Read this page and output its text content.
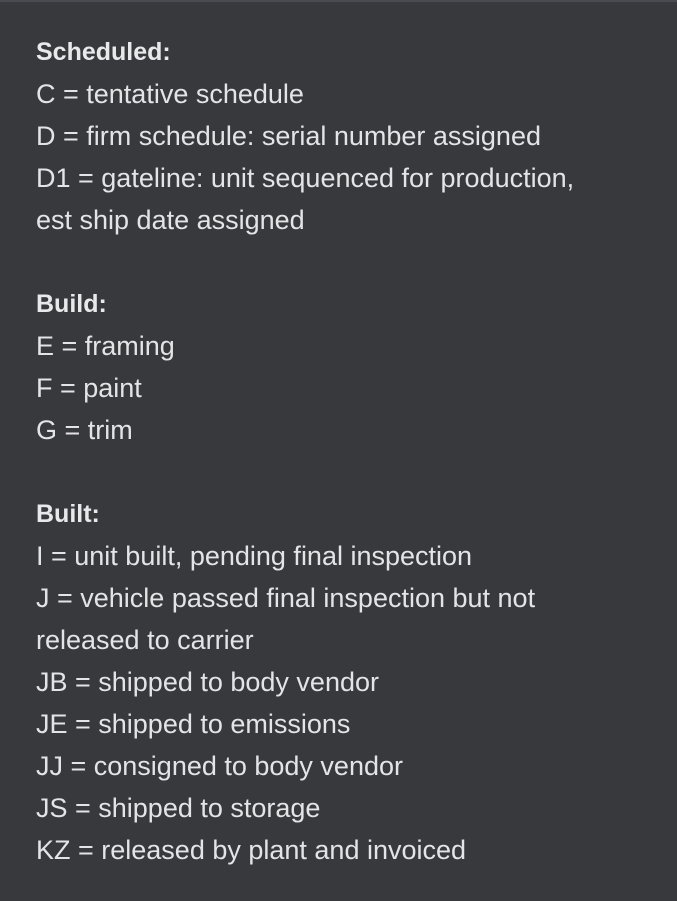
Scheduled:
C = tentative schedule
D = firm schedule: serial number assigned
D1 = gateline: unit sequenced for production,
est ship date assigned
Build:
E = framing
F = paint
G = trim
Built:
I = unit built, pending final inspection
J = vehicle passed final inspection but not
released to carrier
JB = shipped to body vendor
JE = shipped to emissions
JJ = consigned to body vendor
JS = shipped to storage
KZ = released by plant and invoiced
